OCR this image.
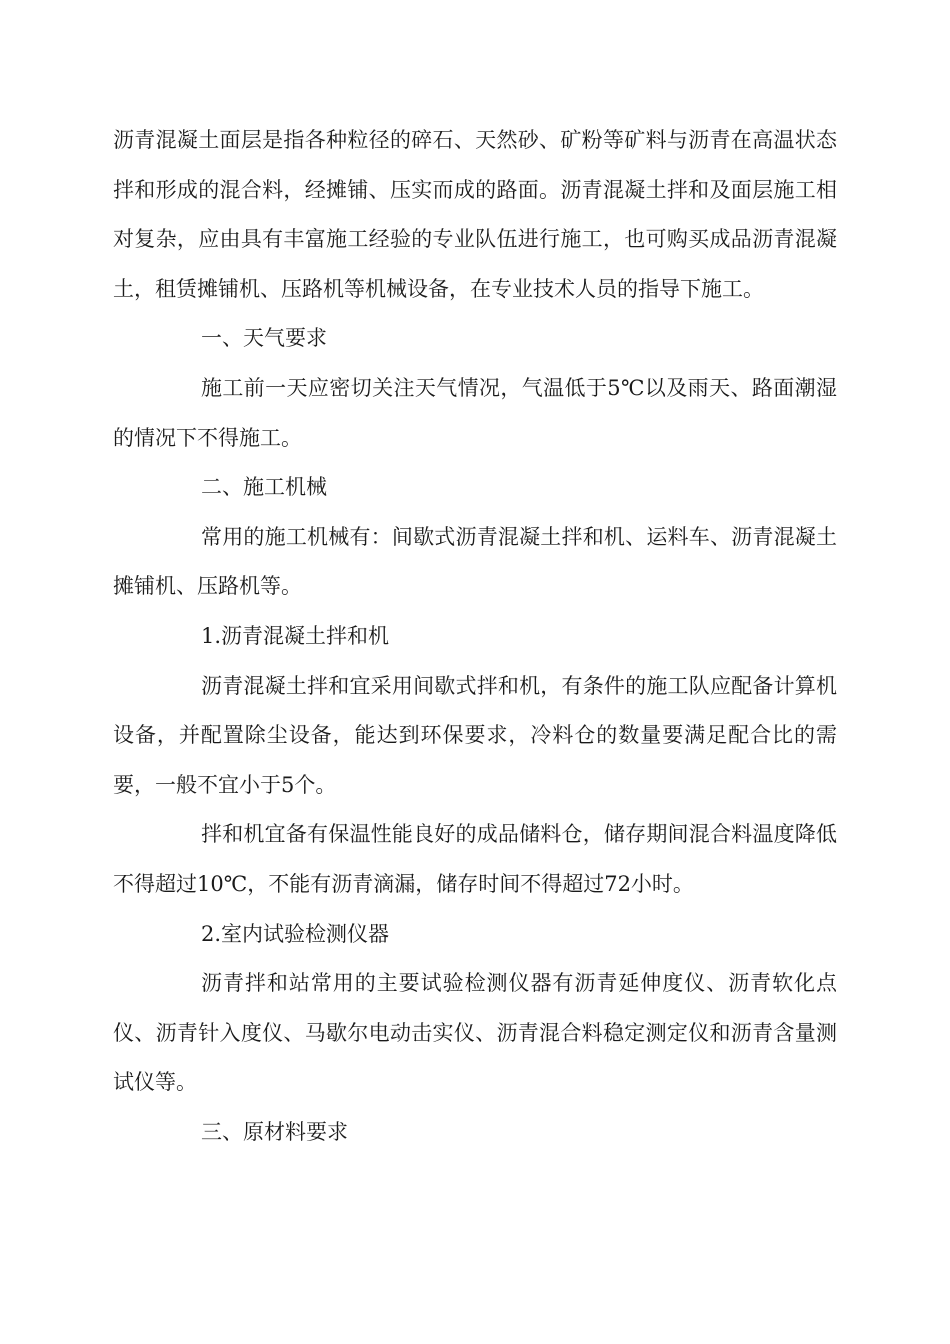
沥青混凝土面层是指各种粒径的碎石、天然砂、矿粉等矿料与沥青在高温状态拌和形成的混合料，经摊铺、压实而成的路面。沥青混凝土拌和及面层施工相对复杂，应由具有丰富施工经验的专业队伍进行施工，也可购买成品沥青混凝土，租赁摊铺机、压路机等机械设备，在专业技术人员的指导下施工。

一、天气要求

施工前一天应密切关注天气情况，气温低于5℃以及雨天、路面潮湿的情况下不得施工。

二、施工机械

常用的施工机械有：间歇式沥青混凝土拌和机、运料车、沥青混凝土摊铺机、压路机等。

1.沥青混凝土拌和机

沥青混凝土拌和宜采用间歇式拌和机，有条件的施工队应配备计算机设备，并配置除尘设备，能达到环保要求，冷料仓的数量要满足配合比的需要，一般不宜小于5个。

拌和机宜备有保温性能良好的成品储料仓，储存期间混合料温度降低不得超过10℃，不能有沥青滴漏，储存时间不得超过72小时。

2.室内试验检测仪器

沥青拌和站常用的主要试验检测仪器有沥青延伸度仪、沥青软化点仪、沥青针入度仪、马歇尔电动击实仪、沥青混合料稳定测定仪和沥青含量测试仪等。

三、原材料要求
